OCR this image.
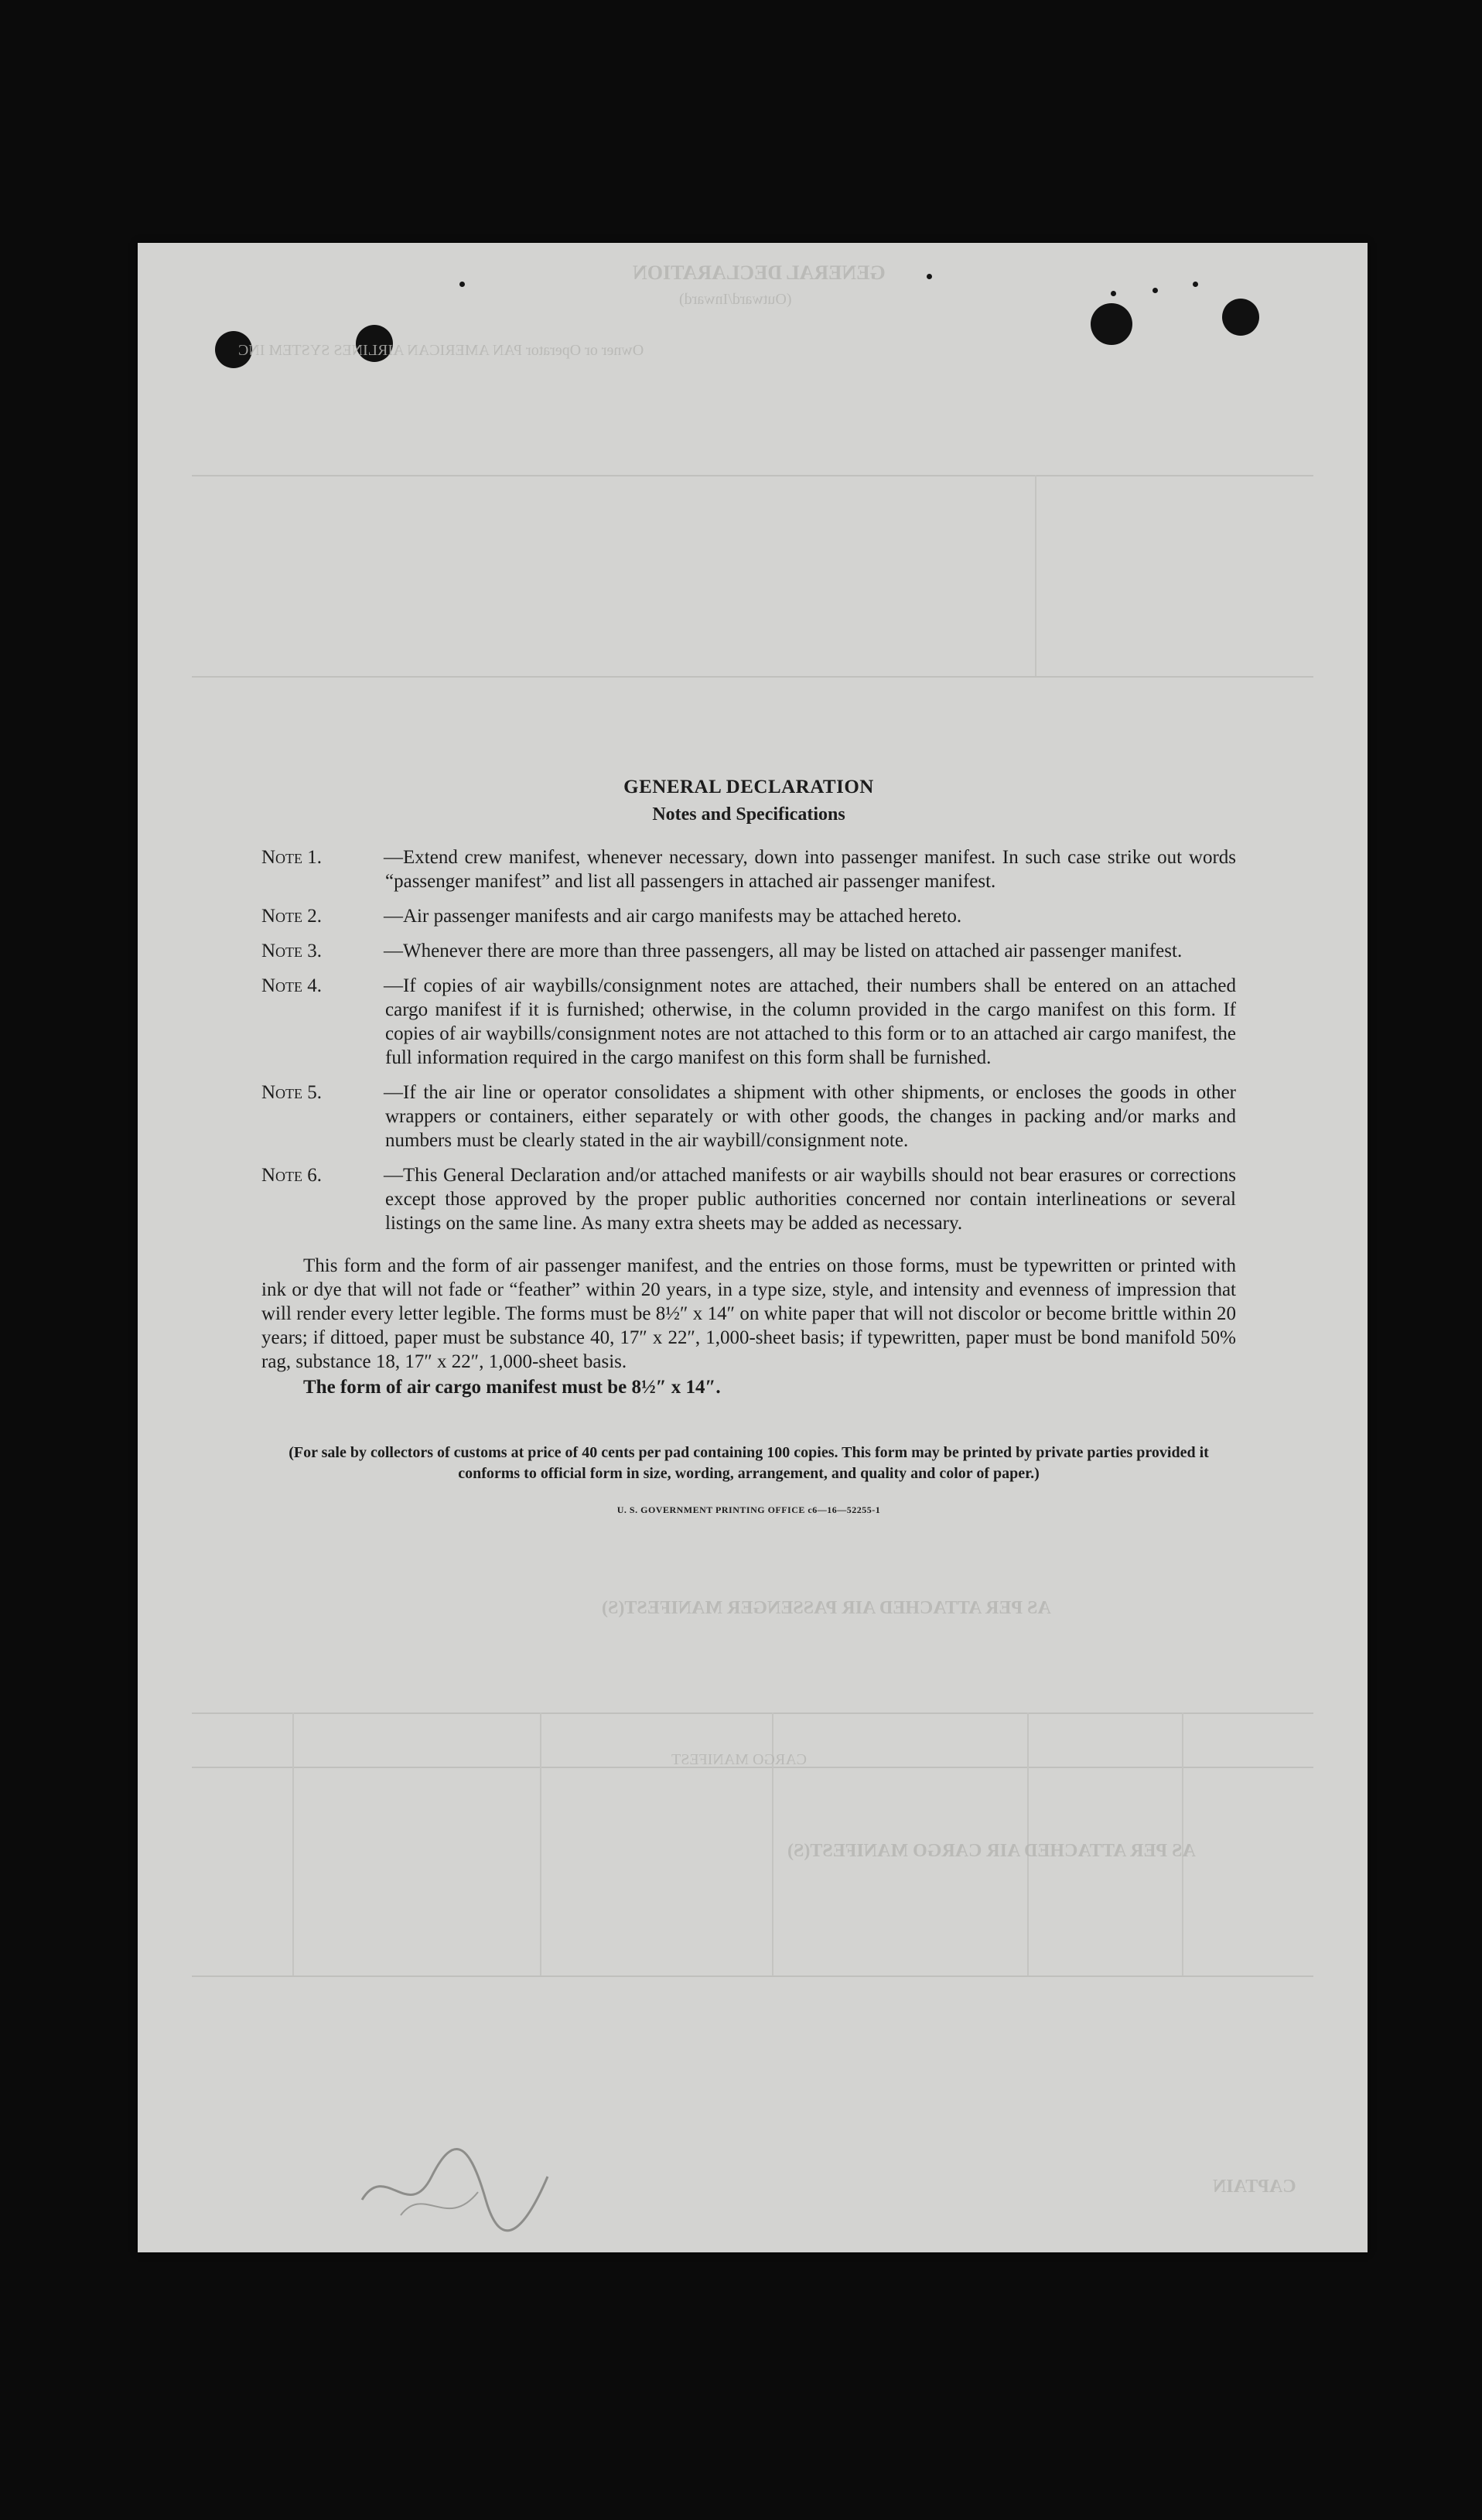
GENERAL DECLARATION
(Outward/Inward)
Owner or Operator PAN AMERICAN AIRLINES SYSTEM INC
AS PER ATTACHED AIR PASSENGER MANIFEST(S)
CARGO MANIFEST
AS PER ATTACHED AIR CARGO MANIFEST(S)
CAPTAIN

GENERAL DECLARATION

Notes and Specifications

Note 1.	—Extend crew manifest, whenever necessary, down into passenger manifest. In such case strike out words “passenger manifest” and list all passengers in attached air passenger manifest.
Note 2.	—Air passenger manifests and air cargo manifests may be attached hereto.
Note 3.	—Whenever there are more than three passengers, all may be listed on attached air passenger manifest.
Note 4.	—If copies of air waybills/consignment notes are attached, their numbers shall be entered on an attached cargo manifest if it is furnished; otherwise, in the column provided in the cargo manifest on this form. If copies of air waybills/consignment notes are not attached to this form or to an attached air cargo manifest, the full information required in the cargo manifest on this form shall be furnished.
Note 5.	—If the air line or operator consolidates a shipment with other shipments, or encloses the goods in other wrappers or containers, either separately or with other goods, the changes in packing and/or marks and numbers must be clearly stated in the air waybill/consignment note.
Note 6.	—This General Declaration and/or attached manifests or air waybills should not bear erasures or corrections except those approved by the proper public authorities concerned nor contain interlineations or several listings on the same line. As many extra sheets may be added as necessary.

This form and the form of air passenger manifest, and the entries on those forms, must be typewritten or printed with ink or dye that will not fade or “feather” within 20 years, in a type size, style, and intensity and evenness of impression that will render every letter legible. The forms must be 8½″ x 14″ on white paper that will not discolor or become brittle within 20 years; if dittoed, paper must be substance 40, 17″ x 22″, 1,000-sheet basis; if typewritten, paper must be bond manifold 50% rag, substance 18, 17″ x 22″, 1,000-sheet basis.

The form of air cargo manifest must be 8½″ x 14″.

(For sale by collectors of customs at price of 40 cents per pad containing 100 copies. This form may be printed by private parties provided it conforms to official form in size, wording, arrangement, and quality and color of paper.)
U. S. GOVERNMENT PRINTING OFFICE c6—16—52255-1
